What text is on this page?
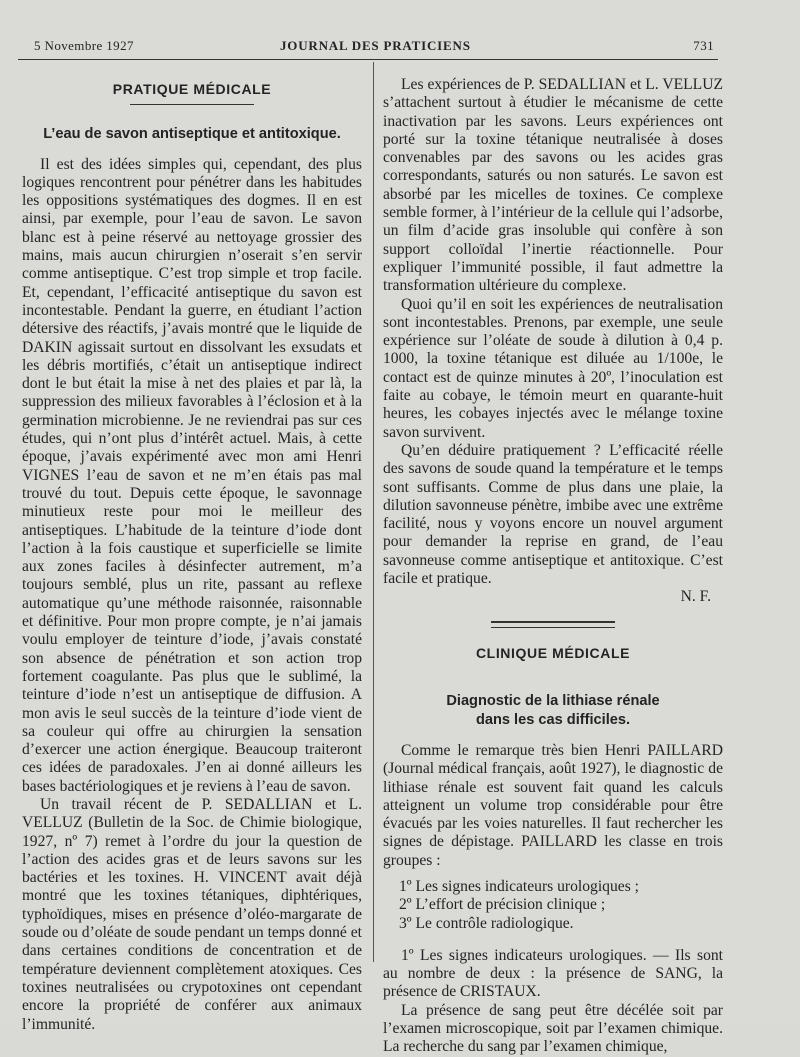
5 Novembre 1927	JOURNAL DES PRATICIENS	731
PRATIQUE MÉDICALE
L’eau de savon antiseptique et antitoxique.

Il est des idées simples qui, cependant, des plus logiques rencontrent pour pénétrer dans les habitudes les oppositions systématiques des dogmes. Il en est ainsi, par exemple, pour l’eau de savon. Le savon blanc est à peine réservé au nettoyage grossier des mains, mais aucun chirurgien n’oserait s’en servir comme antiseptique. C’est trop simple et trop facile. Et, cependant, l’efficacité antiseptique du savon est incontestable. Pendant la guerre, en étudiant l’action détersive des réactifs, j’avais montré que le liquide de DAKIN agissait surtout en dissolvant les exsudats et les débris mortifiés, c’était un antiseptique indirect dont le but était la mise à net des plaies et par là, la suppression des milieux favorables à l’éclosion et à la germination microbienne. Je ne reviendrai pas sur ces études, qui n’ont plus d’intérêt actuel. Mais, à cette époque, j’avais expérimenté avec mon ami Henri VIGNES l’eau de savon et ne m’en étais pas mal trouvé du tout. Depuis cette époque, le savonnage minutieux reste pour moi le meilleur des antiseptiques. L’habitude de la teinture d’iode dont l’action à la fois caustique et superficielle se limite aux zones faciles à désinfecter autrement, m’a toujours semblé, plus un rite, passant au reflexe automatique qu’une méthode raisonnée, raisonnable et définitive. Pour mon propre compte, je n’ai jamais voulu employer de teinture d’iode, j’avais constaté son absence de pénétration et son action trop fortement coagulante. Pas plus que le sublimé, la teinture d’iode n’est un antiseptique de diffusion. A mon avis le seul succès de la teinture d’iode vient de sa couleur qui offre au chirurgien la sensation d’exercer une action énergique. Beaucoup traiteront ces idées de paradoxales. J’en ai donné ailleurs les bases bactériologiques et je reviens à l’eau de savon.

Un travail récent de P. SEDALLIAN et L. VELLUZ (Bulletin de la Soc. de Chimie biologique, 1927, nº 7) remet à l’ordre du jour la question de l’action des acides gras et de leurs savons sur les bactéries et les toxines. H. VINCENT avait déjà montré que les toxines tétaniques, diphtériques, typhoïdiques, mises en présence d’oléo-margarate de soude ou d’oléate de soude pendant un temps donné et dans certaines conditions de concentration et de température deviennent complètement atoxiques. Ces toxines neutralisées ou crypotoxines ont cependant encore la propriété de conférer aux animaux l’immunité.

Les expériences de P. SEDALLIAN et L. VELLUZ s’attachent surtout à étudier le mécanisme de cette inactivation par les savons. Leurs expériences ont porté sur la toxine tétanique neutralisée à doses convenables par des savons ou les acides gras correspondants, saturés ou non saturés. Le savon est absorbé par les micelles de toxines. Ce complexe semble former, à l’intérieur de la cellule qui l’adsorbe, un film d’acide gras insoluble qui confère à son support colloïdal l’inertie réactionnelle. Pour expliquer l’immunité possible, il faut admettre la transformation ultérieure du complexe.

Quoi qu’il en soit les expériences de neutralisation sont incontestables. Prenons, par exemple, une seule expérience sur l’oléate de soude à dilution à 0,4 p. 1000, la toxine tétanique est diluée au 1/100e, le contact est de quinze minutes à 20º, l’inoculation est faite au cobaye, le témoin meurt en quarante-huit heures, les cobayes injectés avec le mélange toxine savon survivent.

Qu’en déduire pratiquement ? L’efficacité réelle des savons de soude quand la température et le temps sont suffisants. Comme de plus dans une plaie, la dilution savonneuse pénètre, imbibe avec une extrême facilité, nous y voyons encore un nouvel argument pour demander la reprise en grand, de l’eau savonneuse comme antiseptique et antitoxique. C’est facile et pratique.

N. F.

CLINIQUE MÉDICALE
Diagnostic de la lithiase rénale
dans les cas difficiles.

Comme le remarque très bien Henri PAILLARD (Journal médical français, août 1927), le diagnostic de lithiase rénale est souvent fait quand les calculs atteignent un volume trop considérable pour être évacués par les voies naturelles. Il faut rechercher les signes de dépistage. PAILLARD les classe en trois groupes :

1º Les signes indicateurs urologiques ;

2º L’effort de précision clinique ;

3º Le contrôle radiologique.

1º Les signes indicateurs urologiques. — Ils sont au nombre de deux : la présence de SANG, la présence de CRISTAUX.

La présence de sang peut être décélée soit par l’examen microscopique, soit par l’examen chimique. La recherche du sang par l’examen chimique,
